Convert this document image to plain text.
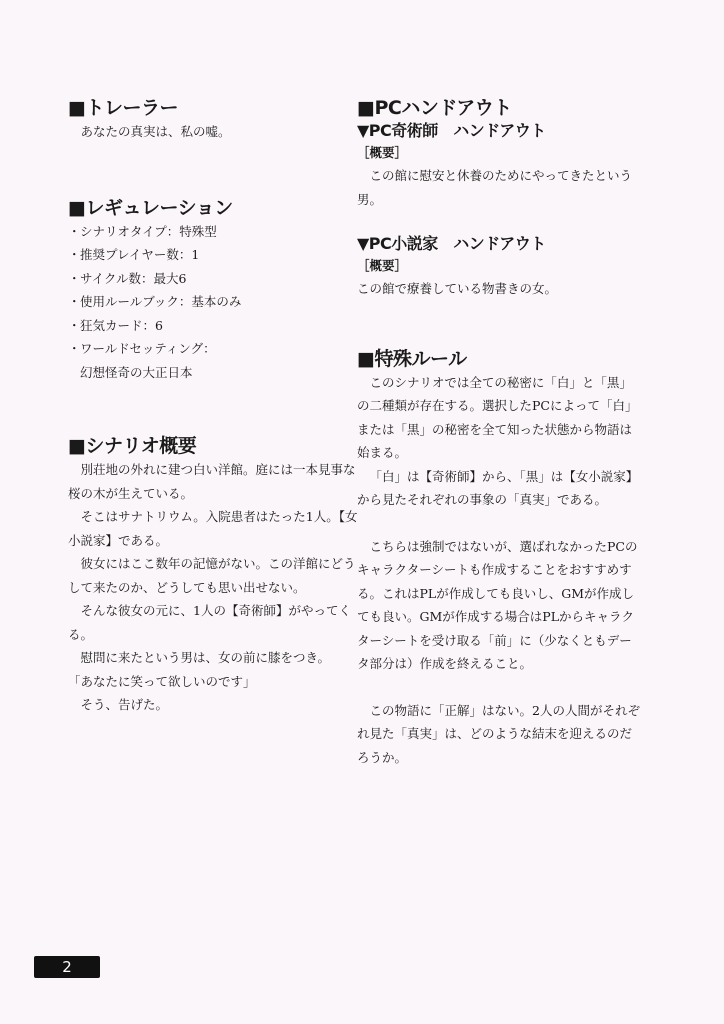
■トレーラー

あなたの真実は、私の嘘。

■レギュレーション
・シナリオタイプ：特殊型
・推奨プレイヤー数：1
・サイクル数：最大6
・使用ルールブック：基本のみ
・狂気カード：6
・ワールドセッティング：
幻想怪奇の大正日本
■シナリオ概要

別荘地の外れに建つ白い洋館。庭には一本見事な桜の木が生えている。

そこはサナトリウム。入院患者はたった1人。【女小説家】である。

彼女にはここ数年の記憶がない。この洋館にどうして来たのか、どうしても思い出せない。

そんな彼女の元に、1人の【奇術師】がやってくる。

慰問に来たという男は、女の前に膝をつき。

「あなたに笑って欲しいのです」

そう、告げた。

■PCハンドアウト
▼PC奇術師　ハンドアウト
［概要］

この館に慰安と休養のためにやってきたという男。

▼PC小説家　ハンドアウト
［概要］

この館で療養している物書きの女。

■特殊ルール

このシナリオでは全ての秘密に「白」と「黒」の二種類が存在する。選択したPCによって「白」または「黒」の秘密を全て知った状態から物語は始まる。

「白」は【奇術師】から、「黒」は【女小説家】から見たそれぞれの事象の「真実」である。

こちらは強制ではないが、選ばれなかったPCのキャラクターシートも作成することをおすすめする。これはPLが作成しても良いし、GMが作成しても良い。GMが作成する場合はPLからキャラクターシートを受け取る「前」に（少なくともデータ部分は）作成を終えること。

この物語に「正解」はない。2人の人間がそれぞれ見た「真実」は、どのような結末を迎えるのだろうか。

2
